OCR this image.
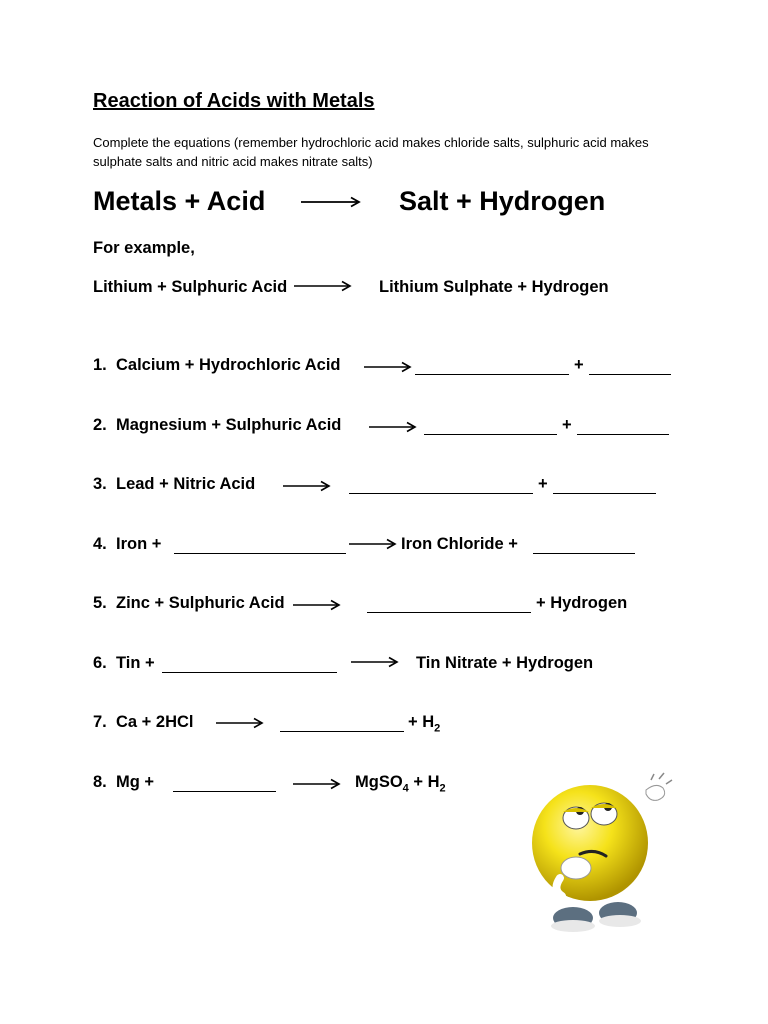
Reaction of Acids with Metals
Complete the equations (remember hydrochloric acid makes chloride salts, sulphuric acid makes sulphate salts and nitric acid makes nitrate salts)
Metals + Acid	Salt + Hydrogen
For example,
Lithium + Sulphuric Acid	Lithium Sulphate + Hydrogen
1. Calcium + Hydrochloric Acid	+
2. Magnesium + Sulphuric Acid	+
3. Lead + Nitric Acid	+
4. Iron +	Iron Chloride +
5. Zinc + Sulphuric Acid	+ Hydrogen
6. Tin +	Tin Nitrate + Hydrogen
7. Ca + 2HCl	+ $H_2$
8. Mg +	MgSO$_4$ + $H_2$
